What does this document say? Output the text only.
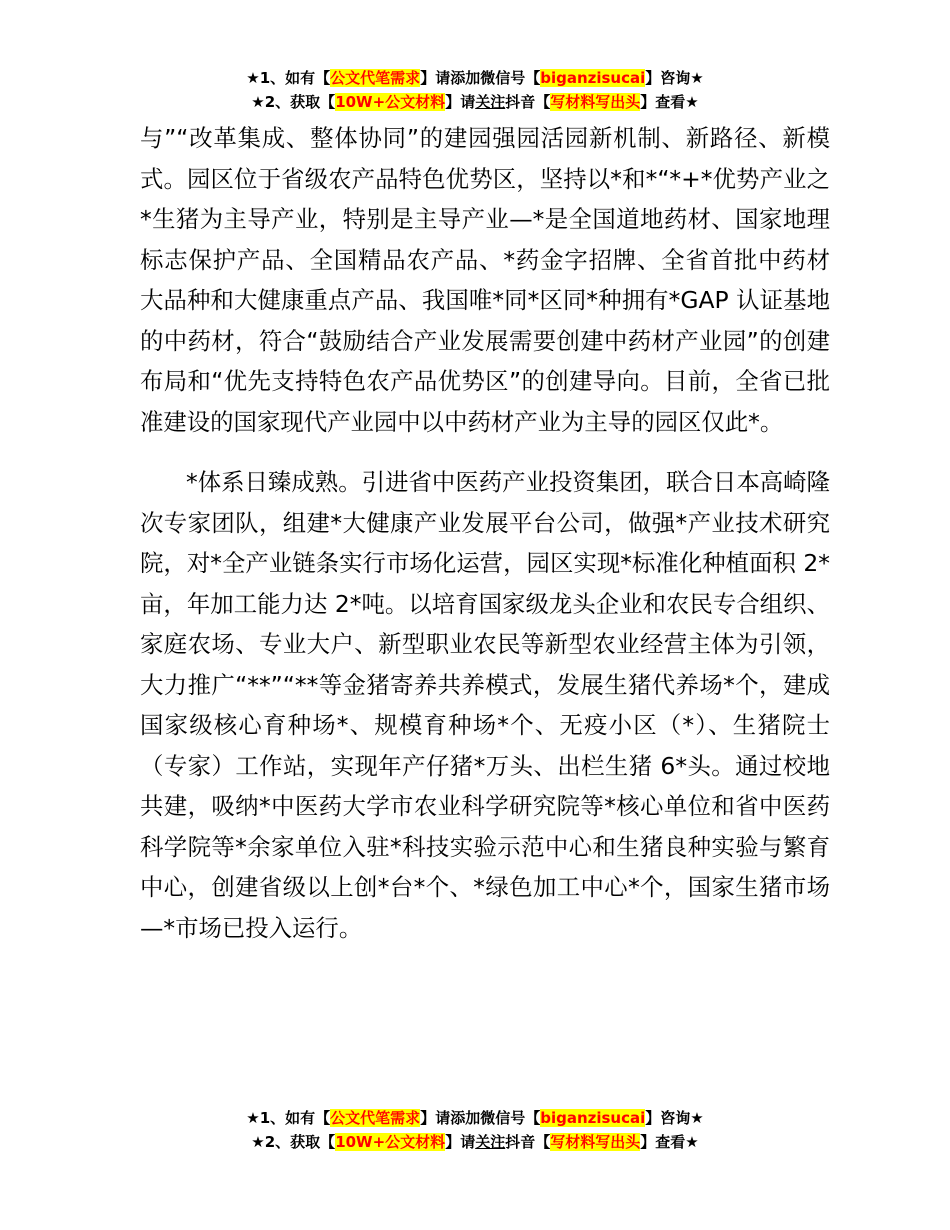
★1、如有【公文代笔需求】请添加微信号【biganzisucai】咨询★
★2、获取【10W+公文材料】请关注抖音【写材料写出头】查看★

与”“改革集成、整体协同”的建园强园活园新机制、新路径、新模式。园区位于省级农产品特色优势区，坚持以*和*“*+*优势产业之*生猪为主导产业，特别是主导产业—*是全国道地药材、国家地理标志保护产品、全国精品农产品、*药金字招牌、全省首批中药材大品种和大健康重点产品、我国唯*同*区同*种拥有*GAP 认证基地的中药材，符合“鼓励结合产业发展需要创建中药材产业园”的创建布局和“优先支持特色农产品优势区”的创建导向。目前，全省已批准建设的国家现代产业园中以中药材产业为主导的园区仅此*。

*体系日臻成熟。引进省中医药产业投资集团，联合日本高崎隆次专家团队，组建*大健康产业发展平台公司，做强*产业技术研究院，对*全产业链条实行市场化运营，园区实现*标准化种植面积 2*亩，年加工能力达 2*吨。以培育国家级龙头企业和农民专合组织、家庭农场、专业大户、新型职业农民等新型农业经营主体为引领，大力推广“**”“**等金猪寄养共养模式，发展生猪代养场*个，建成国家级核心育种场*、规模育种场*个、无疫小区（*）、生猪院士（专家）工作站，实现年产仔猪*万头、出栏生猪 6*头。通过校地共建，吸纳*中医药大学市农业科学研究院等*核心单位和省中医药科学院等*余家单位入驻*科技实验示范中心和生猪良种实验与繁育中心，创建省级以上创*台*个、*绿色加工中心*个，国家生猪市场—*市场已投入运行。

★1、如有【公文代笔需求】请添加微信号【biganzisucai】咨询★
★2、获取【10W+公文材料】请关注抖音【写材料写出头】查看★
